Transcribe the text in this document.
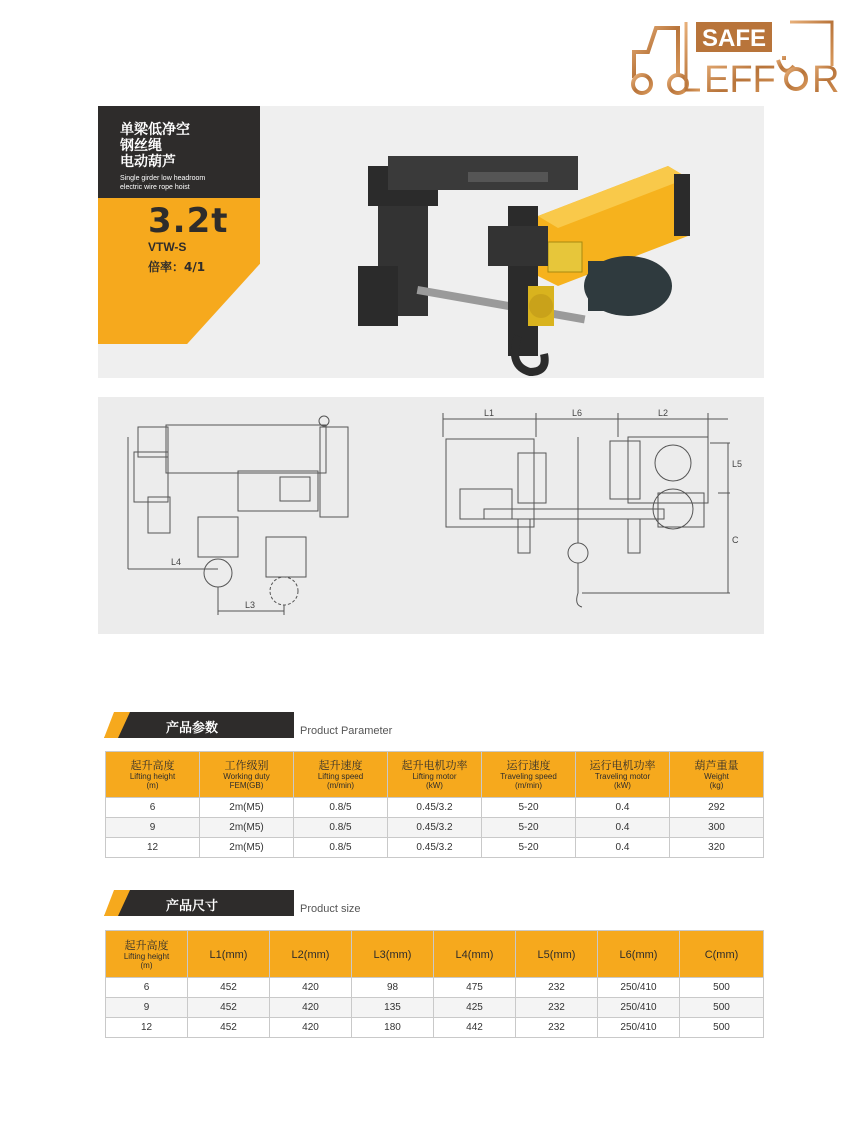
SAFE
EFF R
单梁低净空
钢丝绳
电动葫芦
Single girder low headroom
electric wire rope hoist
3.2t
VTW-S
倍率：4/1
L4
L3
L1	L6	L2
L5
C
产品参数	Product Parameter
起升高度
Lifting height
(m)	工作级别
Working duty
FEM(GB)	起升速度
Lifting speed
(m/min)	起升电机功率
Lifting motor
(kW)	运行速度
Traveling speed
(m/min)	运行电机功率
Traveling motor
(kW)	葫芦重量
Weight
(kg)

6	2m(M5)	0.8/5	0.45/3.2	5-20	0.4	292
9	2m(M5)	0.8/5	0.45/3.2	5-20	0.4	300
12	2m(M5)	0.8/5	0.45/3.2	5-20	0.4	320
产品尺寸	Product size
起升高度
Lifting height
(m)	L1(mm)	L2(mm)	L3(mm)	L4(mm)	L5(mm)	L6(mm)	C(mm)
6	452	420	98	475	232	250/410	500
9	452	420	135	425	232	250/410	500
12	452	420	180	442	232	250/410	500
